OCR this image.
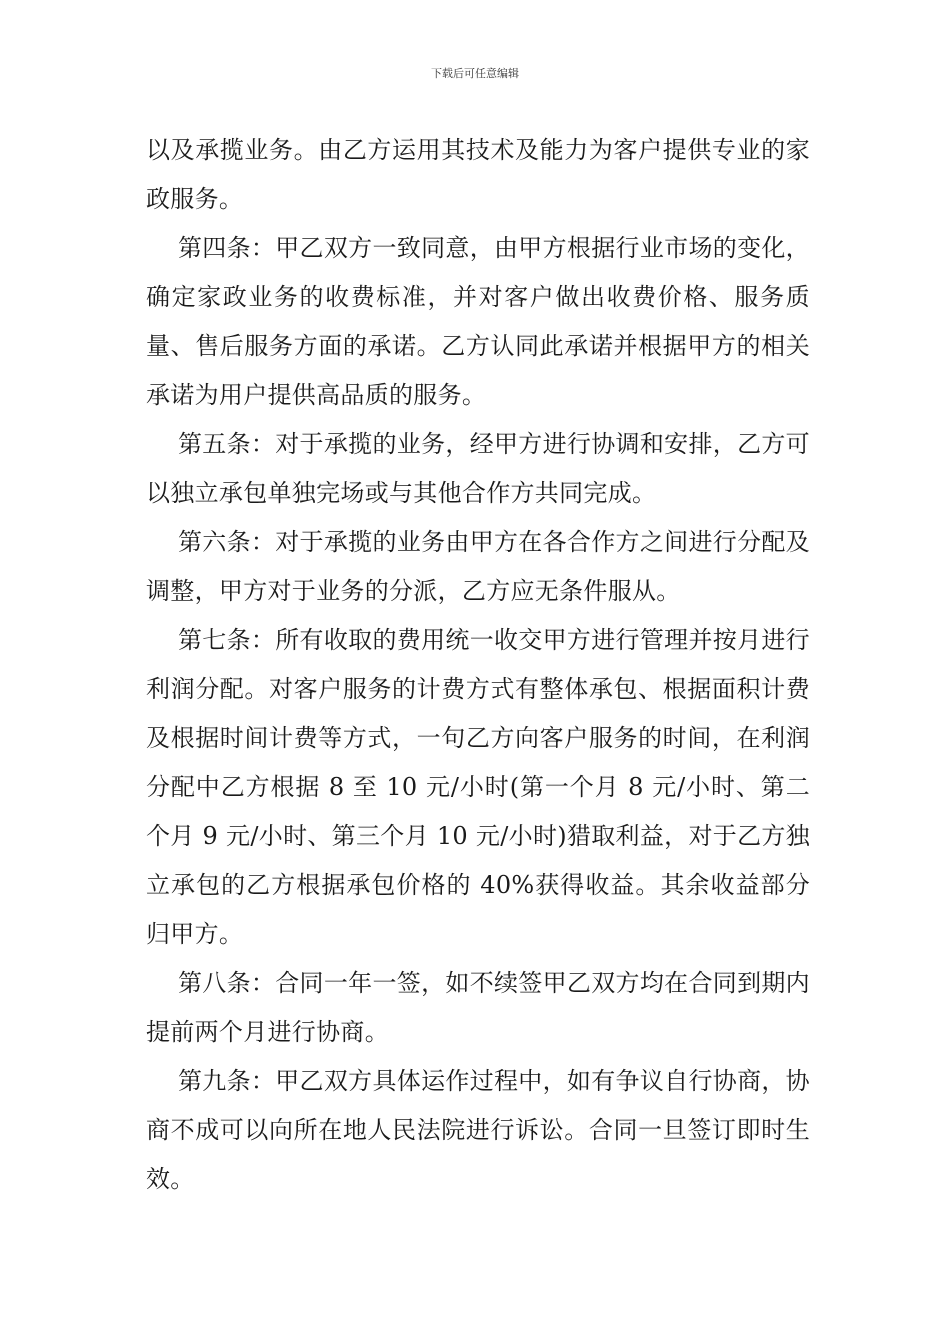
下载后可任意编辑

以及承揽业务。由乙方运用其技术及能力为客户提供专业的家政服务。

第四条：甲乙双方一致同意，由甲方根据行业市场的变化，确定家政业务的收费标准，并对客户做出收费价格、服务质量、售后服务方面的承诺。乙方认同此承诺并根据甲方的相关承诺为用户提供高品质的服务。

第五条：对于承揽的业务，经甲方进行协调和安排，乙方可以独立承包单独完场或与其他合作方共同完成。

第六条：对于承揽的业务由甲方在各合作方之间进行分配及调整，甲方对于业务的分派，乙方应无条件服从。

第七条：所有收取的费用统一收交甲方进行管理并按月进行利润分配。对客户服务的计费方式有整体承包、根据面积计费及根据时间计费等方式，一句乙方向客户服务的时间，在利润分配中乙方根据 8 至 10 元/小时(第一个月 8 元/小时、第二个月 9 元/小时、第三个月 10 元/小时)猎取利益，对于乙方独立承包的乙方根据承包价格的 40%获得收益。其余收益部分归甲方。

第八条：合同一年一签，如不续签甲乙双方均在合同到期内提前两个月进行协商。

第九条：甲乙双方具体运作过程中，如有争议自行协商，协商不成可以向所在地人民法院进行诉讼。合同一旦签订即时生效。
